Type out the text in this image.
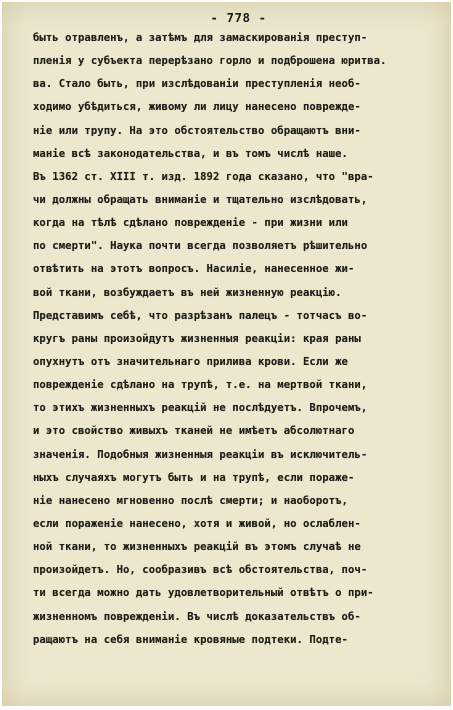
- 778 -
быть отравленъ, а затѣмъ для замаскированія преступ-
пленія у субъекта перерѣзано горло и подброшена юритва.
ва. Стало быть, при изслѣдованіи преступленія необ-
ходимо убѣдиться, живому ли лицу нанесено поврежде-
ніе или трупу. На это обстоятельство обращаютъ вни-
маніе всѣ законодательства, и въ томъ числѣ наше.
Въ 1362 ст. XIII т. изд. 1892 года сказано, что "вра-
чи должны обращать вниманіе и тщательно изслѣдовать,
когда на тѣлѣ сдѣлано поврежденіе - при жизни или
по смерти". Наука почти всегда позволяетъ рѣшительно
отвѣтить на этотъ вопросъ. Насиліе, нанесенное жи-
вой ткани, возбуждаетъ въ ней жизненную реакцію.
Представимъ себѣ, что разрѣзанъ палецъ - тотчасъ во-
кругъ раны произойдутъ жизненныя реакціи: края раны
опухнутъ отъ значительнаго прилива крови. Если же
поврежденіе сдѣлано на трупѣ, т.е. на мертвой ткани,
то этихъ жизненныхъ реакцій не послѣдуетъ. Впрочемъ,
и это свойство живыхъ тканей не имѣетъ абсолютнаго
значенія. Подобныя жизненныя реакціи въ исключитель-
ныхъ случаяхъ могутъ быть и на трупѣ, если пораже-
ніе нанесено мгновенно послѣ смерти; и наоборотъ,
если пораженіе нанесено, хотя и живой, но ослаблен-
ной ткани, то жизненныхъ реакцій въ этомъ случаѣ не
произойдетъ. Но, сообразивъ всѣ обстоятельства, поч-
ти всегда можно дать удовлетворительный отвѣтъ о при-
жизненномъ поврежденіи. Въ числѣ доказательствъ об-
ращаютъ на себя вниманіе кровяные подтеки. Подте-
